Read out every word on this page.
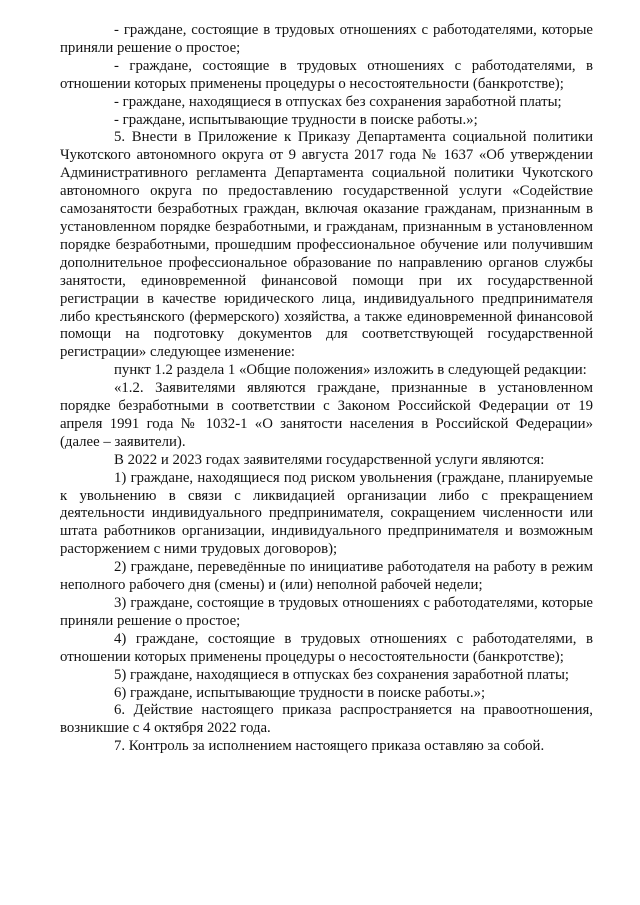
- граждане, состоящие в трудовых отношениях с работодателями, которые приняли решение о простое;

- граждане, состоящие в трудовых отношениях с работодателями, в отношении которых применены процедуры о несостоятельности (банкротстве);

- граждане, находящиеся в отпусках без сохранения заработной платы;

- граждане, испытывающие трудности в поиске работы.»;

5. Внести в Приложение к Приказу Департамента социальной политики Чукотского автономного округа от 9 августа 2017 года № 1637 «Об утверждении Административного регламента Департамента социальной политики Чукотского автономного округа по предоставлению государственной услуги «Содействие самозанятости безработных граждан, включая оказание гражданам, признанным в установленном порядке безработными, и гражданам, признанным в установленном порядке безработными, прошедшим профессиональное обучение или получившим дополнительное профессиональное образование по направлению органов службы занятости, единовременной финансовой помощи при их государственной регистрации в качестве юридического лица, индивидуального предпринимателя либо крестьянского (фермерского) хозяйства, а также единовременной финансовой помощи на подготовку документов для соответствующей государственной регистрации» следующее изменение:

пункт 1.2 раздела 1 «Общие положения» изложить в следующей редакции:

«1.2. Заявителями являются граждане, признанные в установленном порядке безработными в соответствии с Законом Российской Федерации от 19 апреля 1991 года № 1032-1 «О занятости населения в Российской Федерации» (далее – заявители).

В 2022 и 2023 годах заявителями государственной услуги являются:

1) граждане, находящиеся под риском увольнения (граждане, планируемые к увольнению в связи с ликвидацией организации либо с прекращением деятельности индивидуального предпринимателя, сокращением численности или штата работников организации, индивидуального предпринимателя и возможным расторжением с ними трудовых договоров);

2) граждане, переведённые по инициативе работодателя на работу в режим неполного рабочего дня (смены) и (или) неполной рабочей недели;

3) граждане, состоящие в трудовых отношениях с работодателями, которые приняли решение о простое;

4) граждане, состоящие в трудовых отношениях с работодателями, в отношении которых применены процедуры о несостоятельности (банкротстве);

5) граждане, находящиеся в отпусках без сохранения заработной платы;

6) граждане, испытывающие трудности в поиске работы.»;

6. Действие настоящего приказа распространяется на правоотношения, возникшие с 4 октября 2022 года.

7. Контроль за исполнением настоящего приказа оставляю за собой.
